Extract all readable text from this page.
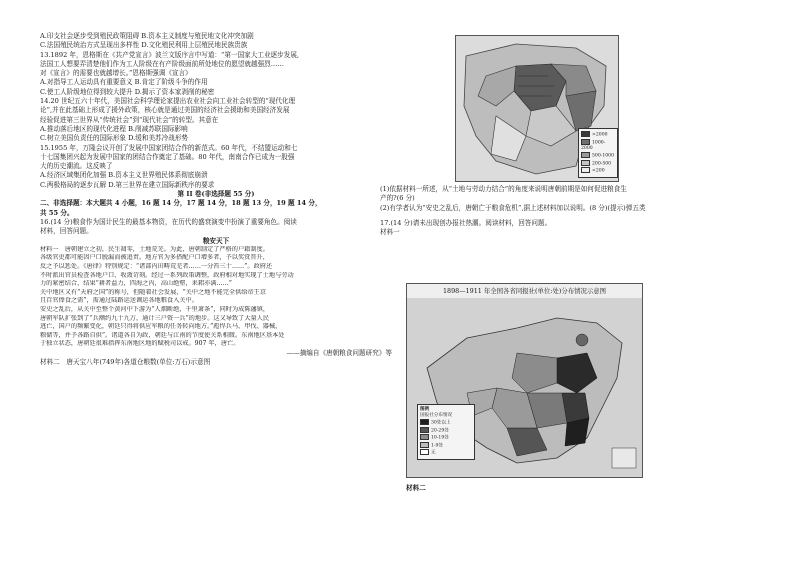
A.印支社会逐步受到殖民政策阻碍 B.资本主义制度与殖民地文化冲突加剧
C.法国殖民统治方式呈现出多样性 D.文化殖民利用上层殖民地民族贵族
13.1892 年，恩格斯在《共产党宣言》波兰文版序言中写道：“第一国家大工业逐步发展,
法国工人想要弄清楚他们作为工人阶级在有产阶级面前所处地位的愿望就越强烈……
对《宣言》的需要也就越增长。”恩格斯强调《宣言》
A.对指导工人运动具有重要意义 B.肯定了阶级斗争的作用
C.使工人阶级地位得到较大提升 D.揭示了资本家剥削的秘密
14.20 世纪五六十年代，美国社会科学理论家提出农业社会向工业社会转型的“现代化理
论”,并在此基础上形成了援外政策，核心就是通过美国的经济社会援助和美国经济发展
经验促进第三世界从“传统社会”到“现代社会”的转型。其意在
A.推动落后地区的现代化进程 B.削减苏联国际影响
C.树立美国负责任的国际形象 D.缓和美苏冷战形势
15.1955 年，万隆会议开创了发展中国家团结合作的新范式。60 年代，不结盟运动和七
十七国集团兴起为发展中国家的团结合作奠定了基础。80 年代，南南合作已成为一股强
大的历史潮流。这反映了
A.经济区域集团化加强 B.资本主义世界殖民体系彻底崩溃
C.两极格局的逐步瓦解 D.第三世界在建立国际新秩序的要求
第 II 卷(非选择题 55 分)
二、非选择题：本大题共 4 小题，16 题 14 分，17 题 14 分，18 题 13 分，19 题 14 分，
共 55 分。
16.(14 分)粮食作为国计民生的最基本物资，在历代的盛衰演变中扮演了重要角色。阅读
材料，回答问题。
粮安天下
材料一　唐朝建立之初，民生凋零，土地荒芜。为此，唐朝制定了严格的户籍制度。
各级官吏都可能因户口脱漏而被追责。地方官为多搭配户口增多者，予以奖赏晋升，
反之予以惩处。《唐律》特别规定：“诸部内田畴荒芜者……一分笞三十……”。政府还
不时派出官员检查各地户口、收敛苛刻。经过一系列政策调整，政府相对地实现了土地与劳动
力的紧密结合，结果“耕者益力，四海之内，高山绝壑，耒耜亦满……”
关中地区又有“天府之国”的称号，但随着社会发展，“关中之地不能完全供给帝王京
且百官俸食之需”，需通过陆路运送调运各地粮食入关中。
安史之乱后，从关中至整个黄河中下游为“人烟断绝，千里萧条”，同时为成陈藩镇，
唐朝军队扩张到了“兵额约九十九万，通计三户资一兵”的地步。这又导致了大量人民
逃亡，国户的频繁变化，朝廷只得将供应军粮的任务转向地方。”彪悍兵马、甲伐、器械，
粮储等，并予各路自供”。诸道各自为政，朝廷与江南的节度使关系相微。东南地区基本处
于独立状态，唐朝廷很难指挥东南地区地的赋税司以戒。907 年，唐亡。
——摘编自《唐朝粮食问题研究》等
材料二　唐天宝八年(749年)各道仓粮数(单位:万石)示意图
>2000
1000-2000
500-1000
200-500
<200
(1)依据材料一所述，从“土地与劳动力结合”的角度来说明唐朝前期是如何促进粮食生
产的?(6 分)
(2)有学者认为“安史之乱后，唐朝亡于粮食危机”,据上述材料加以说明。(8 分)(提示)弹五类
17.(14 分)请未出现创办报社热潮。阅读材料，回答问题。
材料一
1898—1911 年全国各省同报社(单位:处)分布情况示意图
图例
国报社分布情况
30处以上
20-29处
10-19处
1-9处
无
材料二
